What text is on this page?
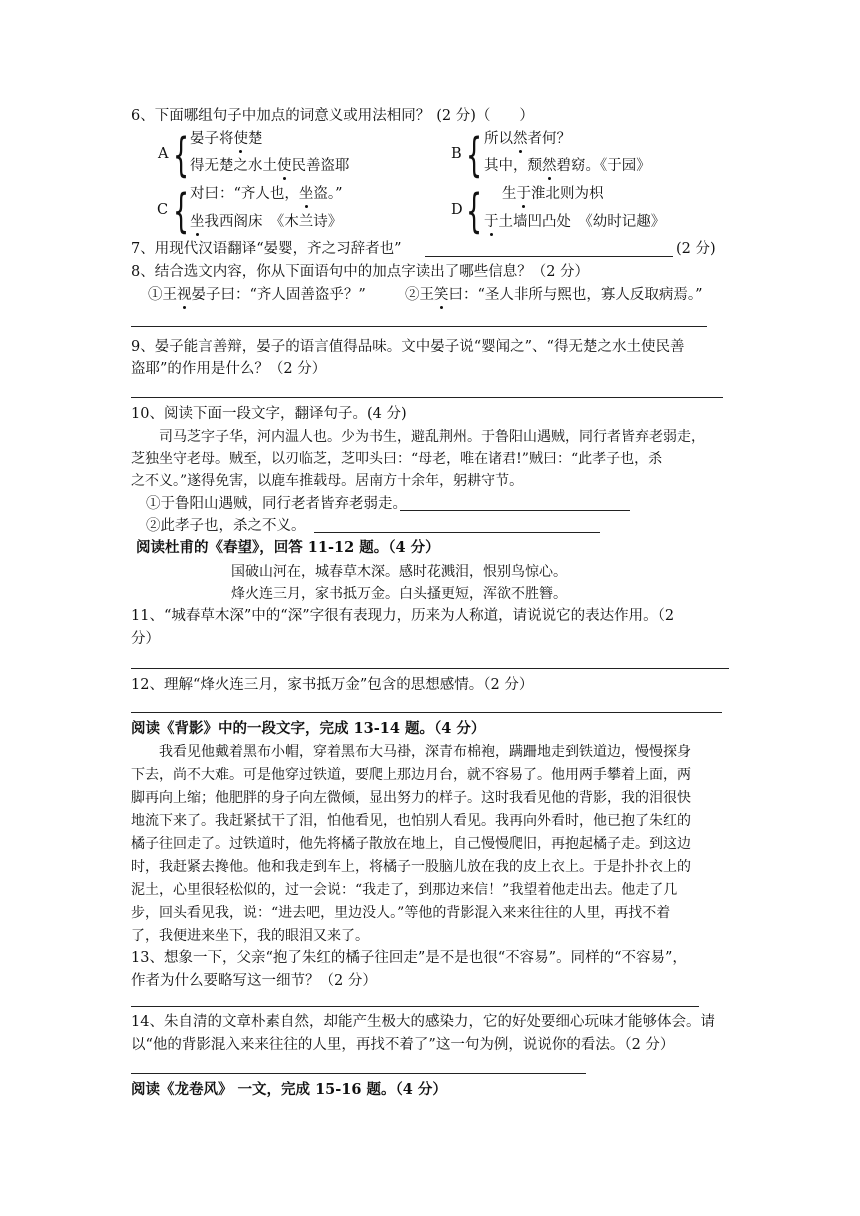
6、下面哪组句子中加点的词意义或用法相同？ (2 分)（　　）
A { 晏子将使楚
得无楚之水土使民善盗耶
B { 所以然者何？
其中，颓然碧窈。《于园》
C { 对曰：“齐人也，坐盗。”
坐我西阁床　《木兰诗》
D { 生于淮北则为枳
于土墙凹凸处　《幼时记趣》
7、用现代汉语翻译“晏婴，齐之习辞者也”	(2 分)
8、结合选文内容，你从下面语句中的加点字读出了哪些信息？（2 分）
①王视晏子曰：“齐人固善盗乎？”	②王笑曰：“圣人非所与熙也，寡人反取病焉。”
9、晏子能言善辩，晏子的语言值得品味。文中晏子说“婴闻之”、“得无楚之水土使民善
盗耶”的作用是什么？（2 分）
10、阅读下面一段文字，翻译句子。(4 分)
司马芝字子华，河内温人也。少为书生，避乱荆州。于鲁阳山遇贼，同行者皆弃老弱走，
芝独坐守老母。贼至，以刃临芝，芝叩头曰：“母老，唯在诸君!”贼曰：“此孝子也，杀
之不义。”遂得免害，以鹿车推载母。居南方十余年，躬耕守节。
①于鲁阳山遇贼，同行老者皆弃老弱走。
②此孝子也，杀之不义。
阅读杜甫的《春望》，回答 11-12 题。（4 分）
国破山河在，城春草木深。感时花溅泪，恨别鸟惊心。
烽火连三月，家书抵万金。白头搔更短，浑欲不胜簪。
11、“城春草木深”中的“深”字很有表现力，历来为人称道，请说说它的表达作用。（2
分）
12、理解“烽火连三月，家书抵万金”包含的思想感情。（2 分）
阅读《背影》中的一段文字，完成 13-14 题。（4 分）
我看见他戴着黑布小帽，穿着黑布大马褂，深青布棉袍，蹒跚地走到铁道边，慢慢探身
下去，尚不大难。可是他穿过铁道，要爬上那边月台，就不容易了。他用两手攀着上面，两
脚再向上缩；他肥胖的身子向左微倾，显出努力的样子。这时我看见他的背影，我的泪很快
地流下来了。我赶紧拭干了泪，怕他看见，也怕别人看见。我再向外看时，他已抱了朱红的
橘子往回走了。过铁道时，他先将橘子散放在地上，自己慢慢爬旧，再抱起橘子走。到这边
时，我赶紧去搀他。他和我走到车上，将橘子一股脑儿放在我的皮上衣上。于是扑扑衣上的
泥土，心里很轻松似的，过一会说：“我走了，到那边来信！”我望着他走出去。他走了几
步，回头看见我，说：“进去吧，里边没人。”等他的背影混入来来往往的人里，再找不着
了，我便进来坐下，我的眼泪又来了。
13、想象一下，父亲“抱了朱红的橘子往回走”是不是也很“不容易”。同样的“不容易”，
作者为什么要略写这一细节？（2 分）
14、朱自清的文章朴素自然，却能产生极大的感染力，它的好处要细心玩味才能够体会。请
以“他的背影混入来来往往的人里，再找不着了”这一句为例，说说你的看法。（2 分）
阅读《龙卷风》 一文，完成 15-16 题。（4 分）
